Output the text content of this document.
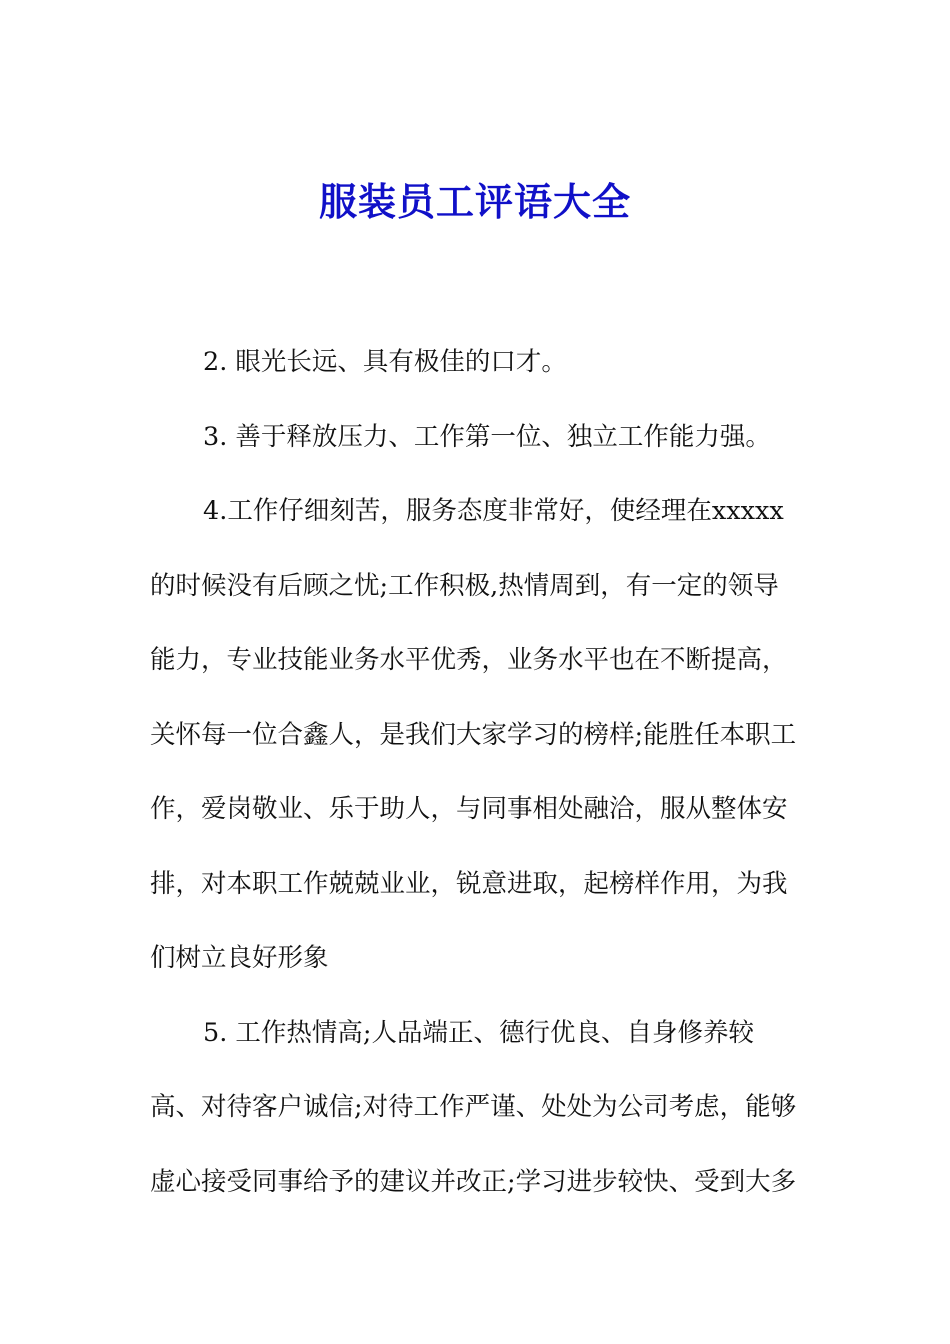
服装员工评语大全
2. 眼光长远、具有极佳的口才。
3. 善于释放压力、工作第一位、独立工作能力强。
4.工作仔细刻苦，服务态度非常好，使经理在xxxxx
的时候没有后顾之忧;工作积极,热情周到，有一定的领导
能力，专业技能业务水平优秀，业务水平也在不断提高，
关怀每一位合鑫人，是我们大家学习的榜样;能胜任本职工
作，爱岗敬业、乐于助人，与同事相处融洽，服从整体安
排，对本职工作兢兢业业，锐意进取，起榜样作用，为我
们树立良好形象
5. 工作热情高;人品端正、德行优良、自身修养较
高、对待客户诚信;对待工作严谨、处处为公司考虑，能够
虚心接受同事给予的建议并改正;学习进步较快、受到大多
